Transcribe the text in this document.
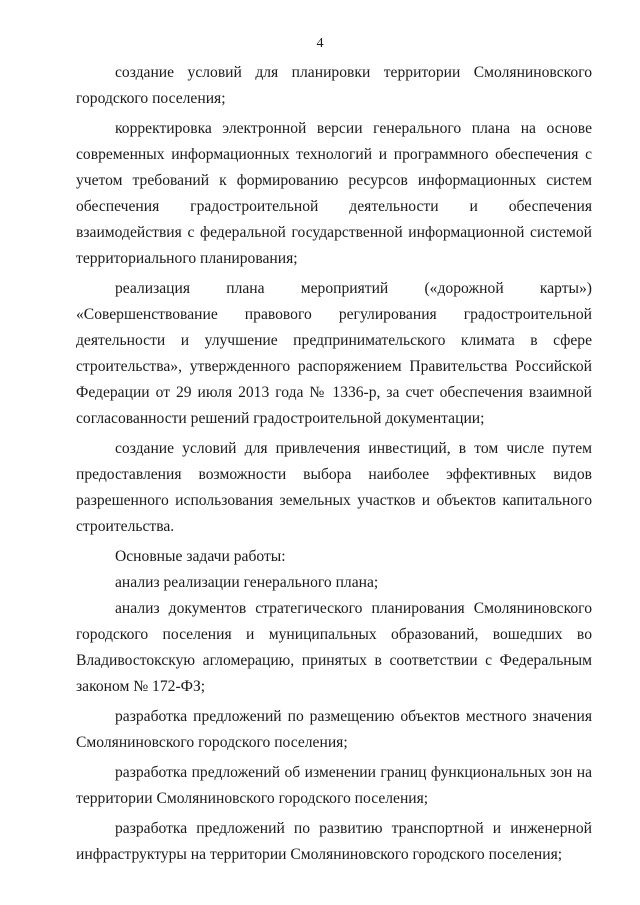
4

создание условий для планировки территории Смоляниновского городского поселения;

корректировка электронной версии генерального плана на основе современных информационных технологий и программного обеспечения с учетом требований к формированию ресурсов информационных систем обеспечения градостроительной деятельности и обеспечения взаимодействия с федеральной государственной информационной системой территориального планирования;

реализация плана мероприятий («дорожной карты») «Совершенствование правового регулирования градостроительной деятельности и улучшение предпринимательского климата в сфере строительства», утвержденного распоряжением Правительства Российской Федерации от 29 июля 2013 года № 1336-р, за счет обеспечения взаимной согласованности решений градостроительной документации;

создание условий для привлечения инвестиций, в том числе путем предоставления возможности выбора наиболее эффективных видов разрешенного использования земельных участков и объектов капитального строительства.

Основные задачи работы:

анализ реализации генерального плана;

анализ документов стратегического планирования Смоляниновского городского поселения и муниципальных образований, вошедших во Владивостокскую агломерацию, принятых в соответствии с Федеральным законом № 172-ФЗ;

разработка предложений по размещению объектов местного значения Смоляниновского городского поселения;

разработка предложений об изменении границ функциональных зон на территории Смоляниновского городского поселения;

разработка предложений по развитию транспортной и инженерной инфраструктуры на территории Смоляниновского городского поселения;
